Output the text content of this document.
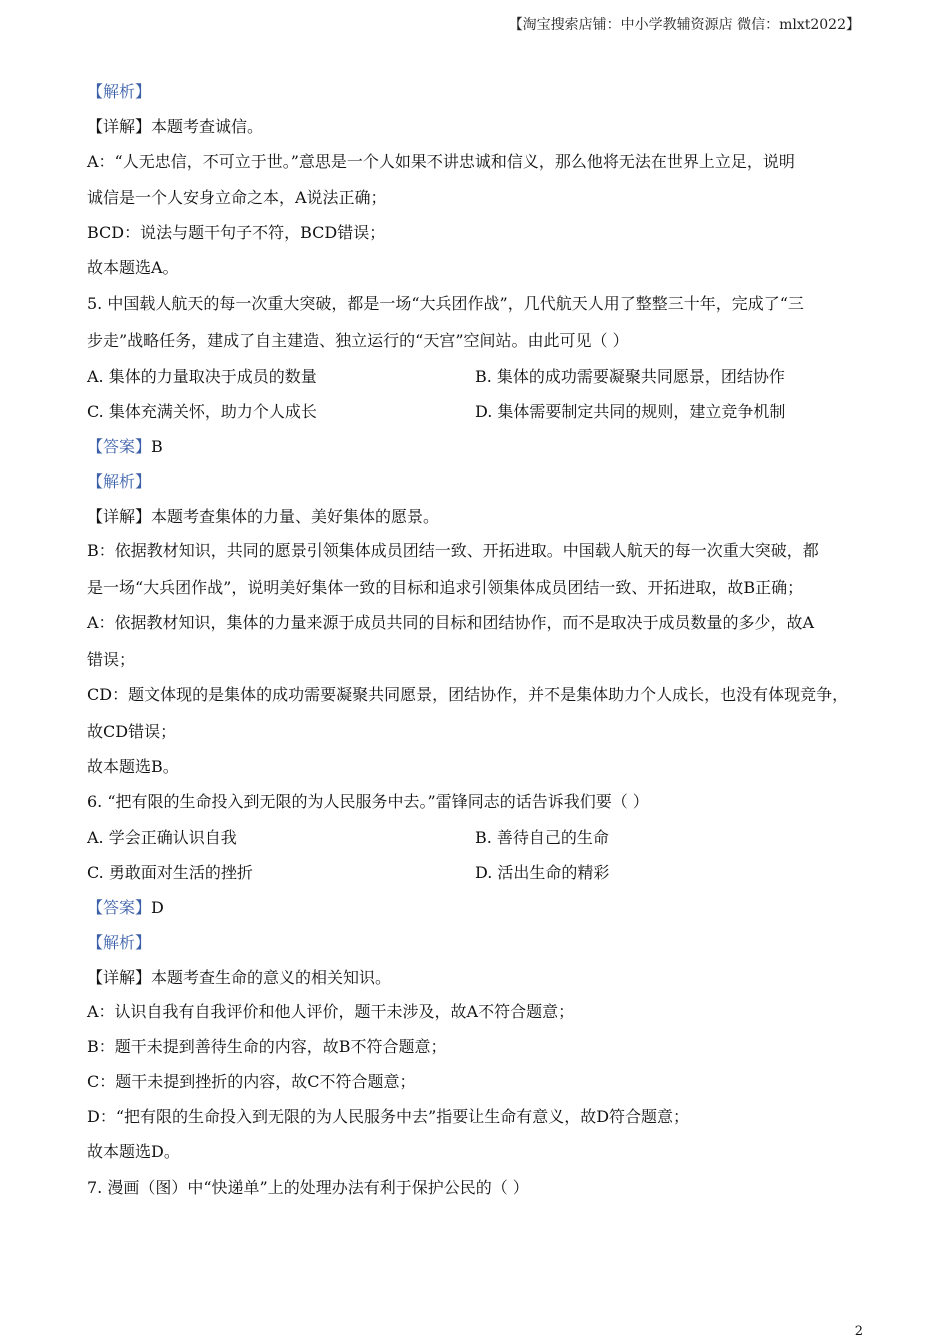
【淘宝搜索店铺：中小学教辅资源店 微信：mlxt2022】
【解析】
【详解】本题考查诚信。
A：“人无忠信，不可立于世。”意思是一个人如果不讲忠诚和信义，那么他将无法在世界上立足，说明
诚信是一个人安身立命之本，A说法正确；
BCD：说法与题干句子不符，BCD错误；
故本题选A。
5. 中国载人航天的每一次重大突破，都是一场“大兵团作战”，几代航天人用了整整三十年，完成了“三
步走”战略任务，建成了自主建造、独立运行的“天宫”空间站。由此可见（ ）
A. 集体的力量取决于成员的数量	B. 集体的成功需要凝聚共同愿景，团结协作
C. 集体充满关怀，助力个人成长	D. 集体需要制定共同的规则，建立竞争机制
【答案】B
【解析】
【详解】本题考查集体的力量、美好集体的愿景。
B：依据教材知识，共同的愿景引领集体成员团结一致、开拓进取。中国载人航天的每一次重大突破，都
是一场“大兵团作战”，说明美好集体一致的目标和追求引领集体成员团结一致、开拓进取，故B正确；
A：依据教材知识，集体的力量来源于成员共同的目标和团结协作，而不是取决于成员数量的多少，故A
错误；
CD：题文体现的是集体的成功需要凝聚共同愿景，团结协作，并不是集体助力个人成长，也没有体现竞争，
故CD错误；
故本题选B。
6. “把有限的生命投入到无限的为人民服务中去。”雷锋同志的话告诉我们要（ ）
A. 学会正确认识自我	B. 善待自己的生命
C. 勇敢面对生活的挫折	D. 活出生命的精彩
【答案】D
【解析】
【详解】本题考查生命的意义的相关知识。
A：认识自我有自我评价和他人评价，题干未涉及，故A不符合题意；
B：题干未提到善待生命的内容，故B不符合题意；
C：题干未提到挫折的内容，故C不符合题意；
D：“把有限的生命投入到无限的为人民服务中去”指要让生命有意义，故D符合题意；
故本题选D。
7. 漫画（图）中“快递单”上的处理办法有利于保护公民的（ ）
2
